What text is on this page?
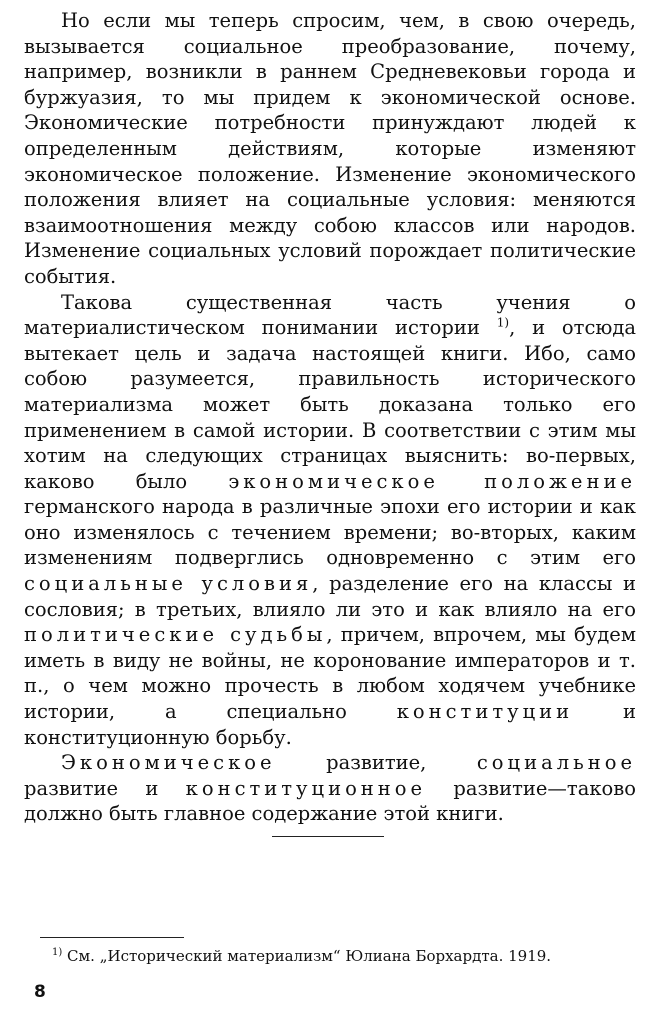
Но если мы теперь спросим, чем, в свою очередь, вызывается социальное преобразование, почему, например, возникли в раннем Средневековьи города и буржуазия, то мы придем к экономической основе. Экономические потребности принуждают людей к определенным действиям, которые изменяют экономическое положение. Изменение экономического положения влияет на социальные условия: меняются взаимоотношения между собою классов или народов. Изменение социальных условий порождает политические события.

Такова существенная часть учения о материалистическом понимании истории $^{1)}$, и отсюда вытекает цель и задача настоящей книги. Ибо, само собою разумеется, правильность исторического материализма может быть доказана только его применением в самой истории. В соответствии с этим мы хотим на следующих страницах выяснить: во-первых, каково было экономическое положение германского народа в различные эпохи его истории и как оно изменялось с течением времени; во-вторых, каким изменениям подверглись одновременно с этим его социальные условия, разделение его на классы и сословия; в третьих, влияло ли это и как влияло на его политические судьбы, причем, впрочем, мы будем иметь в виду не войны, не коронование императоров и т. п., о чем можно прочесть в любом ходячем учебнике истории, а специально конституции и конституционную борьбу.

Экономическое развитие, социальное развитие и конституционное развитие—таково должно быть главное содержание этой книги.

$^{1)}$ См. „Исторический материализм“ Юлиана Борхардта. 1919.
8
